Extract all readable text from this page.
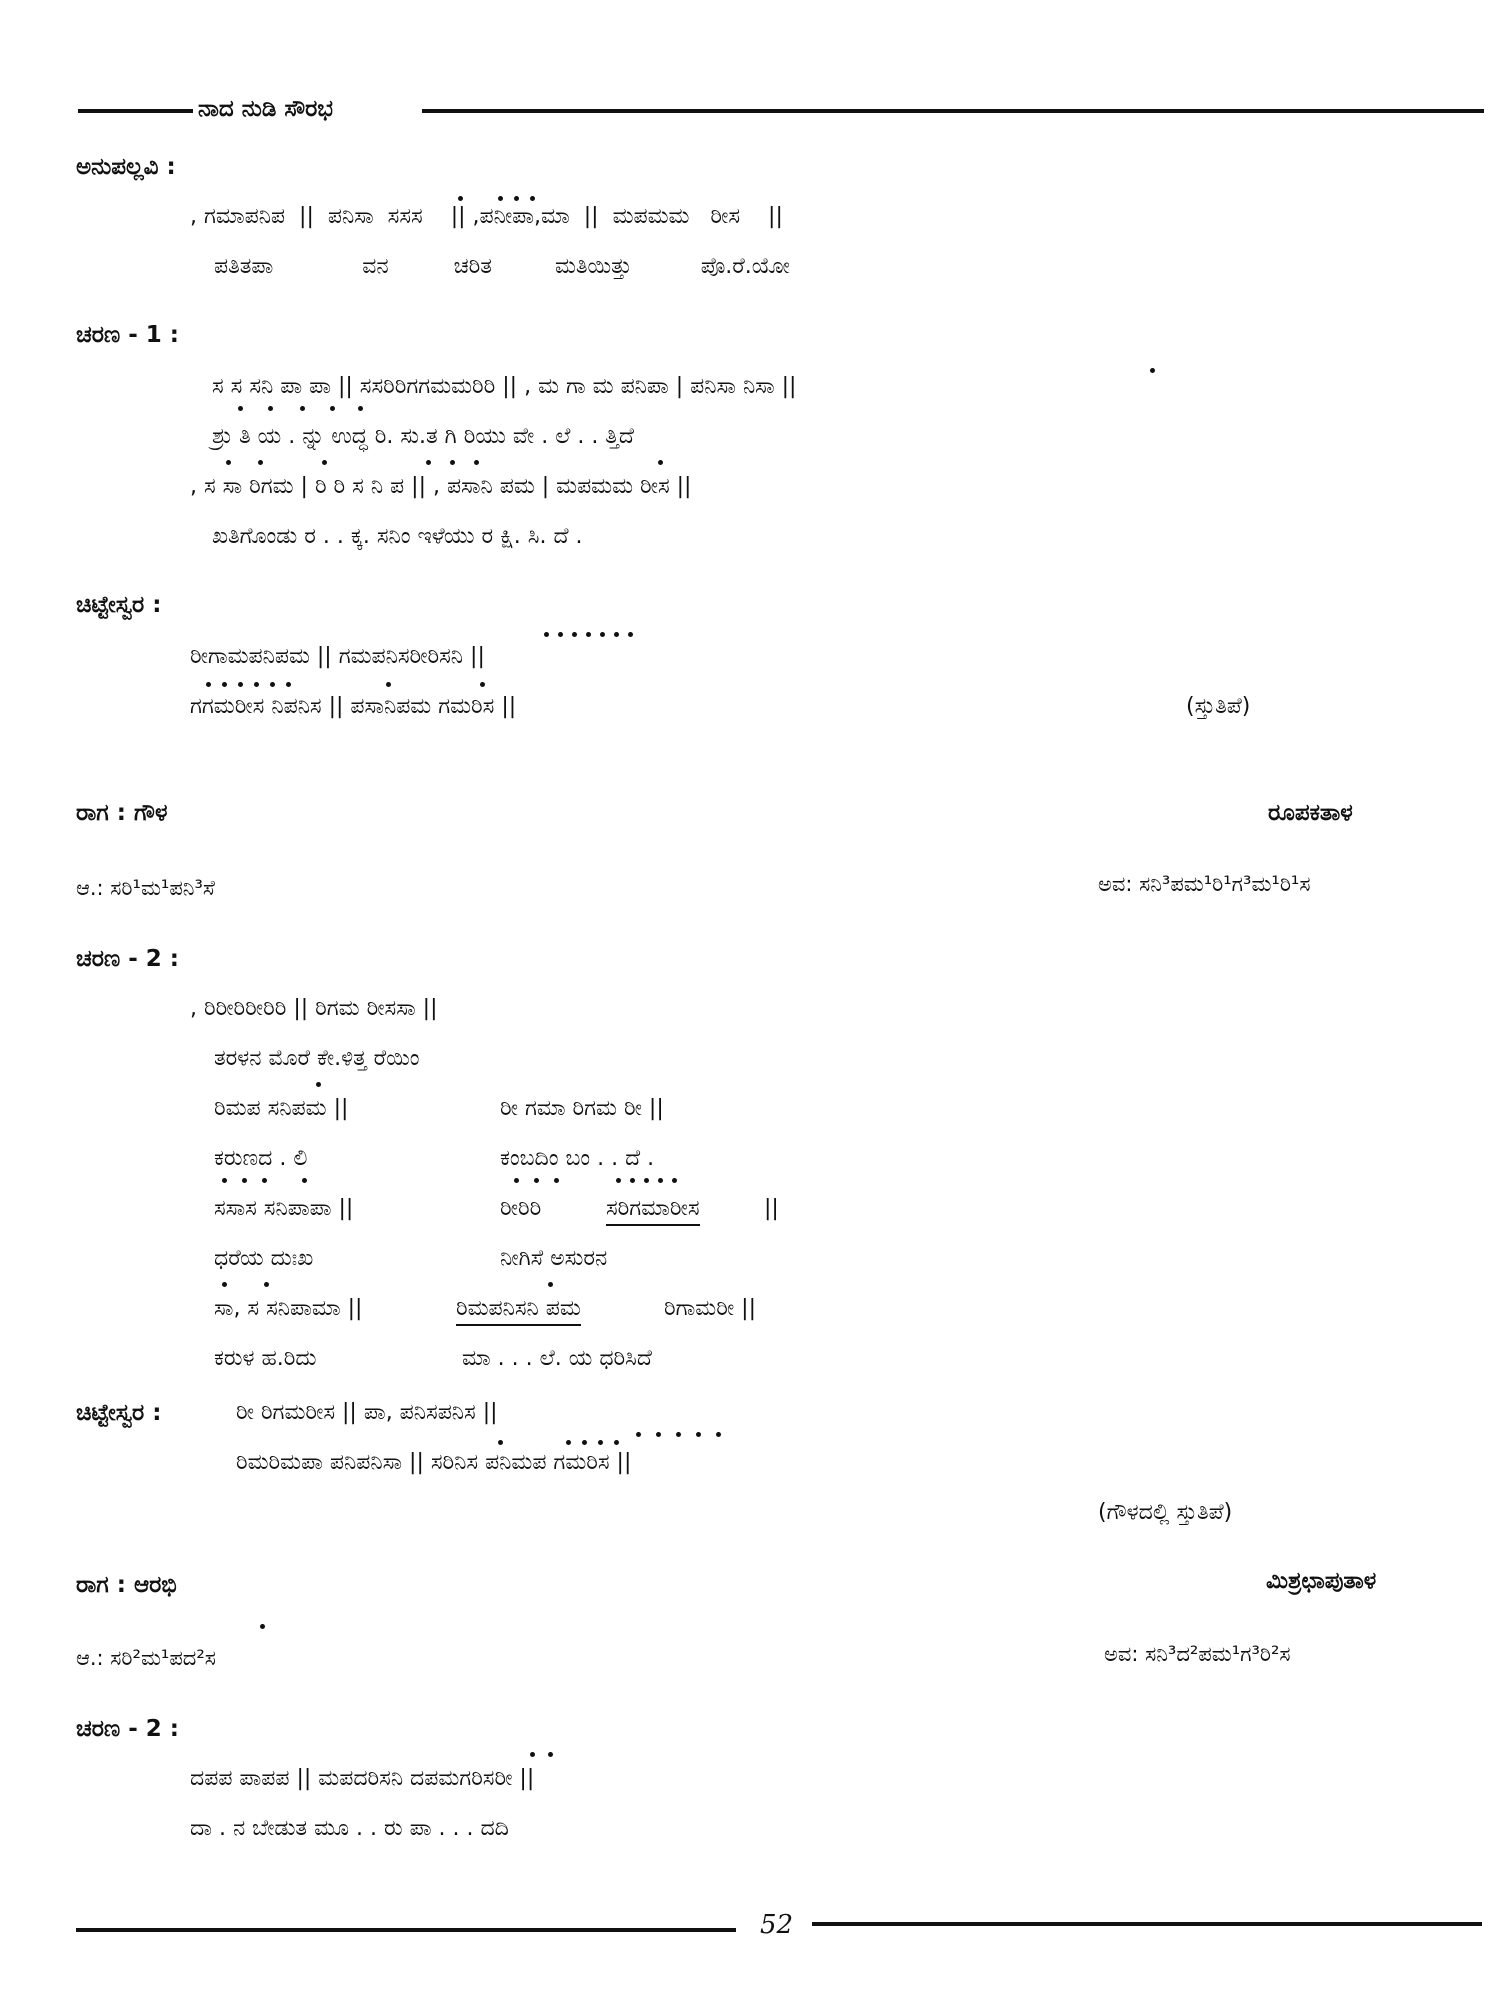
ನಾದ ನುಡಿ ಸೌರಭ
ಅನುಪಲ್ಲವಿ :
, ಗಮಾಪನಿಪ || ಪನಿಸಾ ಸಸಸ || ,ಪನೀಪಾ,ಮಾ || ಮಪಮಮ ರೀಸ ||
ಪತಿತಪಾ	ವನ	ಚರಿತ	ಮತಿಯಿತ್ತು	ಪೊ.ರೆ.ಯೋ
ಚರಣ - 1 :
ಸ ಸ ಸನಿ ಪಾ ಪಾ || ಸಸರಿರಿಗಗಮಮರಿರಿ || , ಮ ಗಾ ಮ ಪನಿಪಾ | ಪನಿಸಾ ನಿಸಾ ||
ಶ್ರು ತಿ ಯ . ನ್ನು ಉದ್ಧ ರಿ. ಸು.ತ ಗಿ ರಿಯು ವೇ . ಲೆ . . ತ್ತಿದೆ
, ಸ ಸಾ ರಿಗಮ | ರಿ ರಿ ಸ ನಿ ಪ || , ಪಸಾನಿ ಪಮ | ಮಪಮಮ ರೀಸ ||
ಖತಿಗೊಂಡು ರ . . ಕ್ಕ. ಸನಿಂ ಇಳೆಯು ರ ಕ್ಷಿ. ಸಿ. ದೆ .
ಚಿಟ್ಟೇಸ್ವರ :
ರೀಗಾಮಪನಿಪಮ || ಗಮಪನಿಸರೀರಿಸನಿ ||
ಗಗಮರೀಸ ನಿಪನಿಸ || ಪಸಾನಿಪಮ ಗಮರಿಸ ||	(ಸ್ತುತಿಪೆ)
ರಾಗ : ಗೌಳ	ರೂಪಕತಾಳ
ಆ.: ಸರಿ¹ಮ¹ಪನಿ³ಸೆ	ಅವ: ಸನಿ³ಪಮ¹ರಿ¹ಗ³ಮ¹ರಿ¹ಸ
ಚರಣ - 2 :
, ರಿರೀರಿರೀರಿರಿ || ರಿಗಮ ರೀಸಸಾ ||
ತರಳನ ಮೊರೆ ಕೇ.ಳಿತ್ತ ರೆಯಿಂ
ರಿಮಪ ಸನಿಪಮ ||	ರೀ ಗಮಾ ರಿಗಮ ರೀ ||
ಕರುಣದ . ಲಿ	ಕಂಬದಿಂ ಬಂ . . ದೆ .
ಸಸಾಸ ಸನಿಪಾಪಾ ||	ರೀರಿರಿ	ಸರಿಗಮಾರೀಸ	||
ಧರೆಯ ದುಃಖ	ನೀಗಿಸೆ ಅಸುರನ
ಸಾ, ಸ ಸನಿಪಾಮಾ ||	ರಿಮಪನಿಸನಿ ಪಮ	ರಿಗಾಮರೀ ||
ಕರುಳ ಹ.ರಿದು	ಮಾ . . . ಲೆ. ಯ ಧರಿಸಿದೆ
ಚಿಟ್ಟೇಸ್ವರ :	ರೀ ರಿಗಮರೀಸ || ಪಾ, ಪನಿಸಪನಿಸ ||
ರಿಮರಿಮಪಾ ಪನಿಪನಿಸಾ || ಸರಿನಿಸ ಪನಿಮಪ ಗಮರಿಸ ||
(ಗೌಳದಲ್ಲಿ ಸ್ತುತಿಪೆ)
ರಾಗ : ಆರಭಿ	ಮಿಶ್ರಛಾಪುತಾಳ
ಆ.: ಸರಿ²ಮ¹ಪದ²ಸ	ಅವ: ಸನಿ³ದ²ಪಮ¹ಗ³ರಿ²ಸ
ಚರಣ - 2 :
ದಪಪ ಪಾಪಪ || ಮಪದರಿಸನಿ ದಪಮಗರಿಸರೀ ||
ದಾ . ನ ಬೇಡುತ ಮೂ . . ರು ಪಾ . . . ದದಿ
52
